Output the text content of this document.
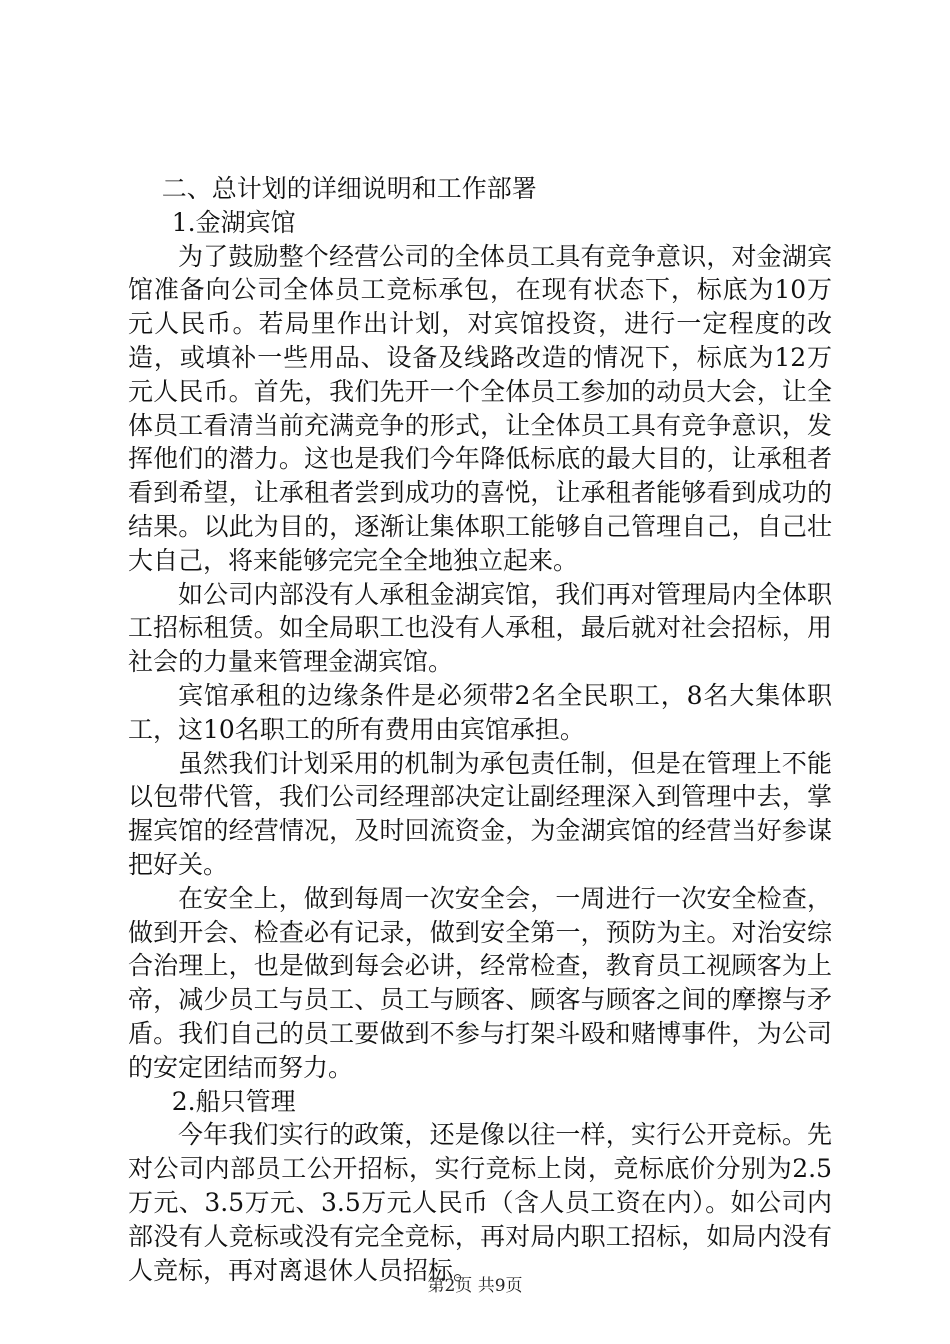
二、总计划的详细说明和工作部署

1.金湖宾馆

为了鼓励整个经营公司的全体员工具有竞争意识，对金湖宾馆准备向公司全体员工竞标承包，在现有状态下，标底为10万元人民币。若局里作出计划，对宾馆投资，进行一定程度的改造，或填补一些用品、设备及线路改造的情况下，标底为12万元人民币。首先，我们先开一个全体员工参加的动员大会，让全体员工看清当前充满竞争的形式，让全体员工具有竞争意识，发挥他们的潜力。这也是我们今年降低标底的最大目的，让承租者看到希望，让承租者尝到成功的喜悦，让承租者能够看到成功的结果。以此为目的，逐渐让集体职工能够自己管理自己，自己壮大自己，将来能够完完全全地独立起来。

如公司内部没有人承租金湖宾馆，我们再对管理局内全体职工招标租赁。如全局职工也没有人承租，最后就对社会招标，用社会的力量来管理金湖宾馆。

宾馆承租的边缘条件是必须带2名全民职工，8名大集体职工，这10名职工的所有费用由宾馆承担。

虽然我们计划采用的机制为承包责任制，但是在管理上不能以包带代管，我们公司经理部决定让副经理深入到管理中去，掌握宾馆的经营情况，及时回流资金，为金湖宾馆的经营当好参谋把好关。

在安全上，做到每周一次安全会，一周进行一次安全检查，做到开会、检查必有记录，做到安全第一，预防为主。对治安综合治理上，也是做到每会必讲，经常检查，教育员工视顾客为上帝，减少员工与员工、员工与顾客、顾客与顾客之间的摩擦与矛盾。我们自己的员工要做到不参与打架斗殴和赌博事件，为公司的安定团结而努力。

2.船只管理

今年我们实行的政策，还是像以往一样，实行公开竞标。先对公司内部员工公开招标，实行竞标上岗，竞标底价分别为2.5万元、3.5万元、3.5万元人民币（含人员工资在内）。如公司内部没有人竞标或没有完全竞标，再对局内职工招标，如局内没有人竞标，再对离退休人员招标。

第2页 共9页
